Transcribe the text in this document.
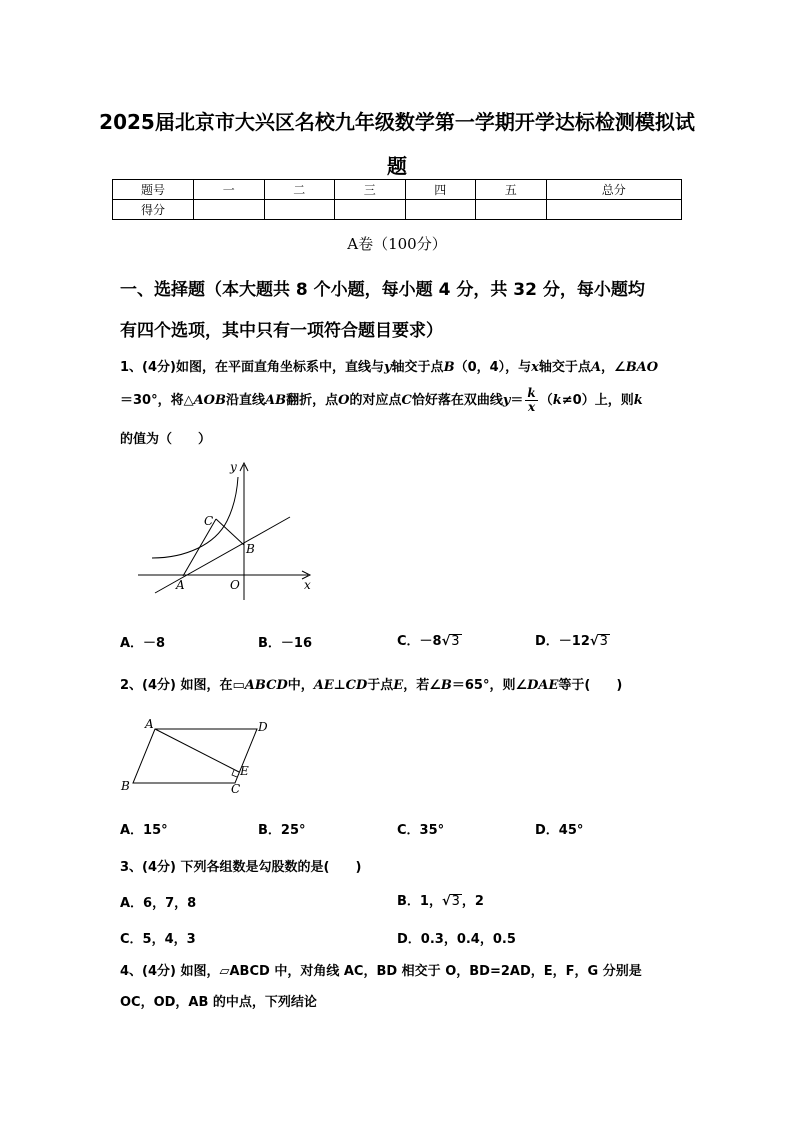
2025届北京市大兴区名校九年级数学第一学期开学达标检测模拟试
题
题号	一	二	三	四	五	总分
得分						
A卷（100分）
一、选择题（本大题共 8 个小题，每小题 4 分，共 32 分，每小题均
有四个选项，其中只有一项符合题目要求）
1、(4分)如图，在平面直角坐标系中，直线与y轴交于点B（0，4），与x轴交于点A，∠BAO
＝30°，将△AOB沿直线AB翻折，点O的对应点C恰好落在双曲线$y= \frac{k}{x} (k\ne 0)$上，则k
的值为（　　）
y
C
B
A	O	x
A．－8	B．－16	C．－8√3	D．－12√3
2、(4分) 如图，在▭ABCD中，AE⊥CD于点E，若∠B＝65°，则∠DAE等于(　　)
A	D
B	C
E
A．15°	B．25°	C．35°	D．45°
3、(4分) 下列各组数是勾股数的是(　　)
A．6，7，8	B．1，√3 ，2
C．5，4，3	D．0.3，0.4，0.5
4、(4分) 如图，▱ABCD 中，对角线 AC，BD 相交于 O，BD=2AD，E，F，G 分别是
OC，OD，AB 的中点，下列结论
